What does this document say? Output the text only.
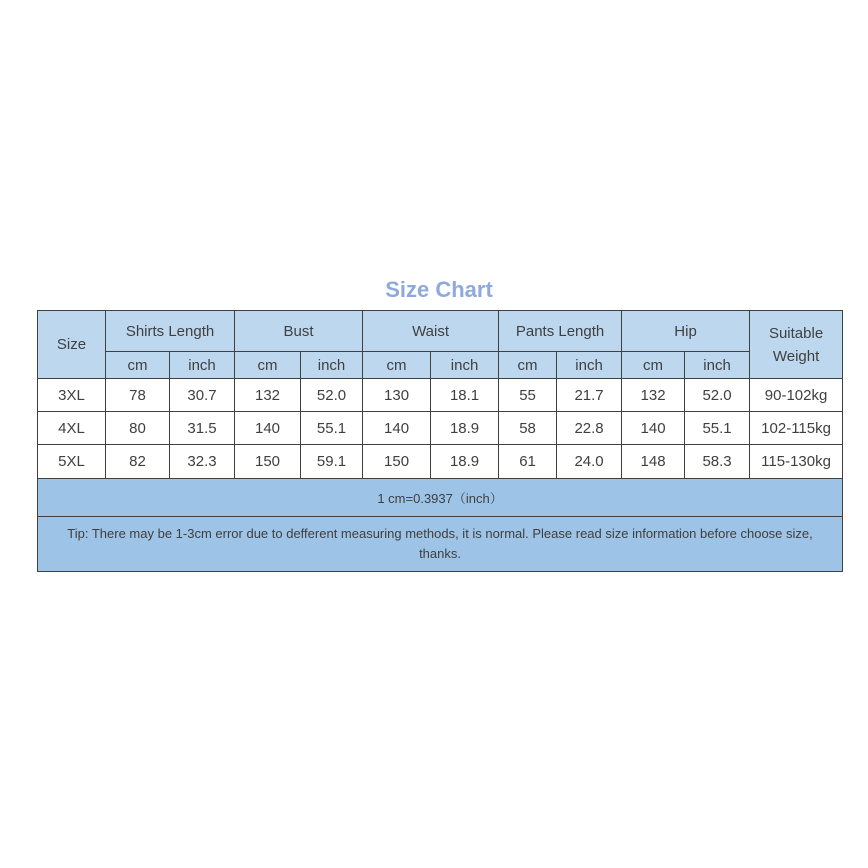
Size Chart
Size	Shirts Length		Bust		Waist		Pants Length		Hip		Suitable Weight
	cm	inch	cm	inch	cm	inch	cm	inch	cm	inch	
3XL	78	30.7	132	52.0	130	18.1	55	21.7	132	52.0	90-102kg
4XL	80	31.5	140	55.1	140	18.9	58	22.8	140	55.1	102-115kg
5XL	82	32.3	150	59.1	150	18.9	61	24.0	148	58.3	115-130kg
1 cm=0.3937（inch）											
Tip: There may be 1-3cm error due to defferent measuring methods, it is normal. Please read size information before choose size, thanks.											
